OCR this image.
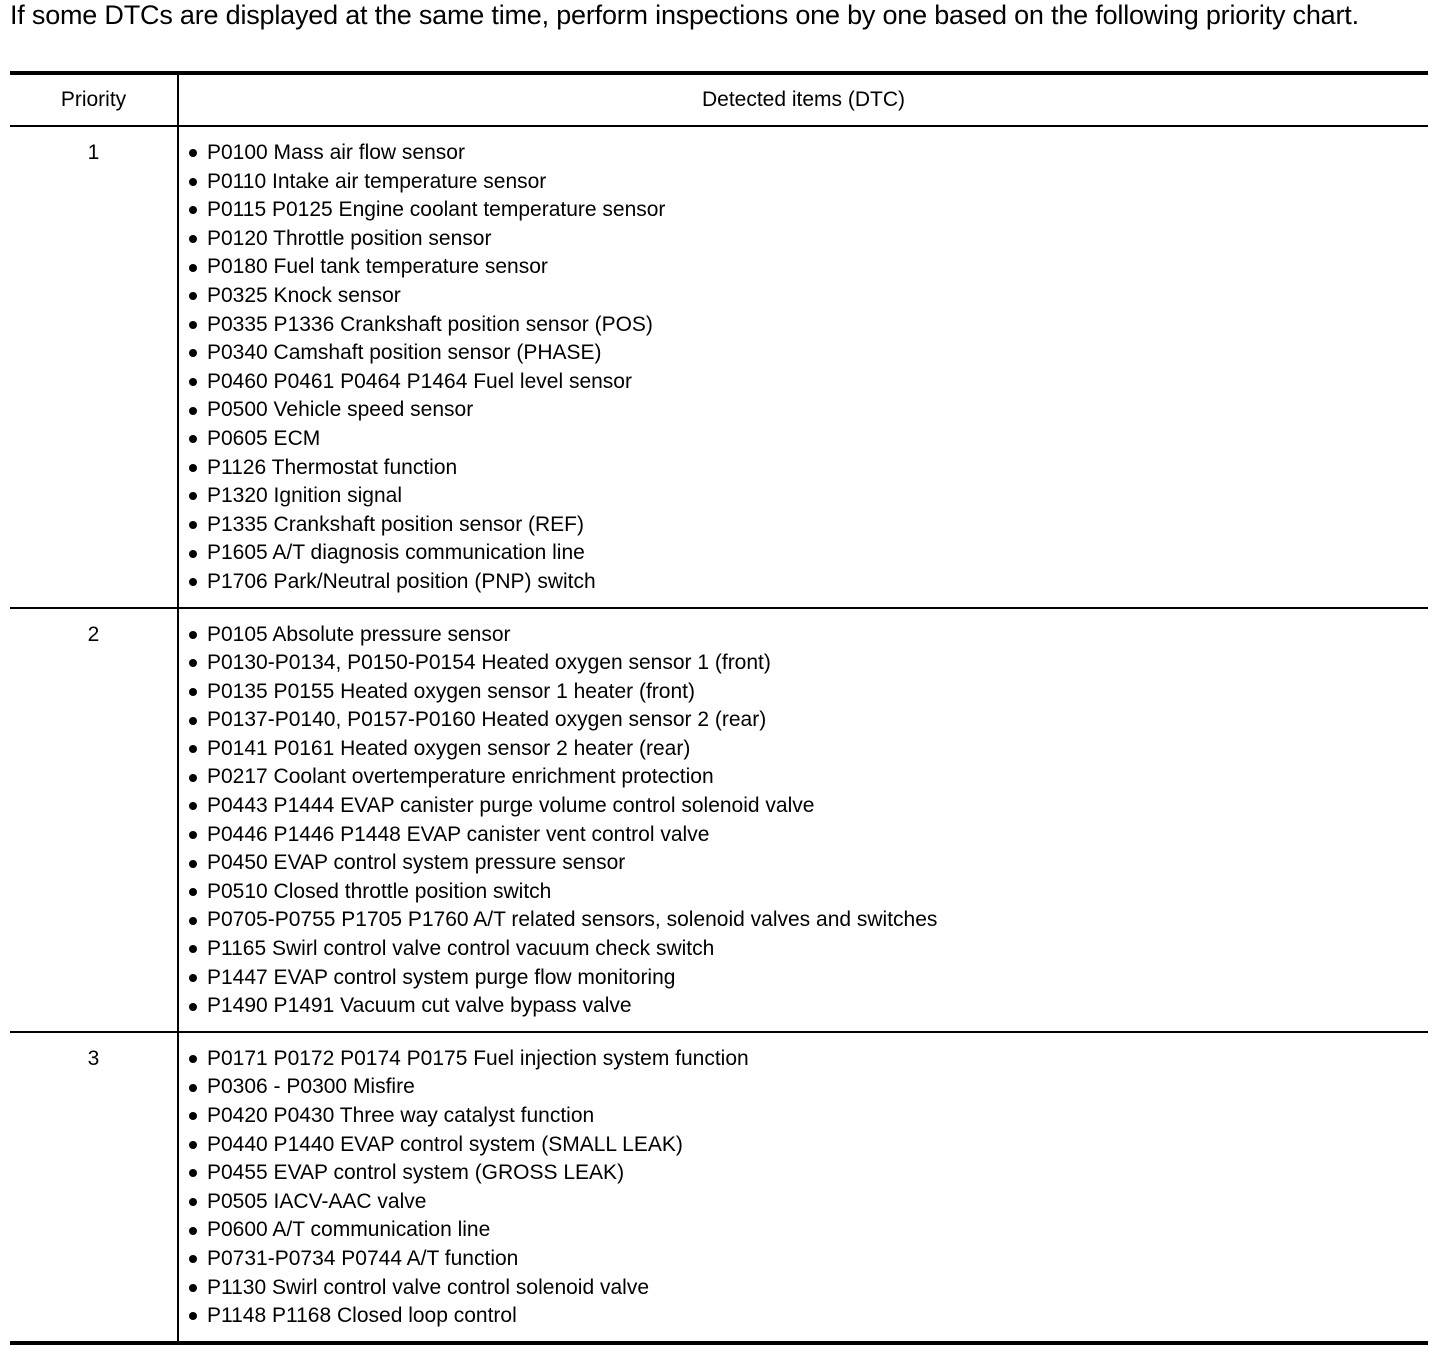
If some DTCs are displayed at the same time, perform inspections one by one based on the following priority chart.

Priority	Detected items (DTC)
1	P0100 Mass air flow sensor
P0110 Intake air temperature sensor
P0115 P0125 Engine coolant temperature sensor
P0120 Throttle position sensor
P0180 Fuel tank temperature sensor
P0325 Knock sensor
P0335 P1336 Crankshaft position sensor (POS)
P0340 Camshaft position sensor (PHASE)
P0460 P0461 P0464 P1464 Fuel level sensor
P0500 Vehicle speed sensor
P0605 ECM
P1126 Thermostat function
P1320 Ignition signal
P1335 Crankshaft position sensor (REF)
P1605 A/T diagnosis communication line
P1706 Park/Neutral position (PNP) switch
2	P0105 Absolute pressure sensor
P0130-P0134, P0150-P0154 Heated oxygen sensor 1 (front)
P0135 P0155 Heated oxygen sensor 1 heater (front)
P0137-P0140, P0157-P0160 Heated oxygen sensor 2 (rear)
P0141 P0161 Heated oxygen sensor 2 heater (rear)
P0217 Coolant overtemperature enrichment protection
P0443 P1444 EVAP canister purge volume control solenoid valve
P0446 P1446 P1448 EVAP canister vent control valve
P0450 EVAP control system pressure sensor
P0510 Closed throttle position switch
P0705-P0755 P1705 P1760 A/T related sensors, solenoid valves and switches
P1165 Swirl control valve control vacuum check switch
P1447 EVAP control system purge flow monitoring
P1490 P1491 Vacuum cut valve bypass valve
3	P0171 P0172 P0174 P0175 Fuel injection system function
P0306 - P0300 Misfire
P0420 P0430 Three way catalyst function
P0440 P1440 EVAP control system (SMALL LEAK)
P0455 EVAP control system (GROSS LEAK)
P0505 IACV-AAC valve
P0600 A/T communication line
P0731-P0734 P0744 A/T function
P1130 Swirl control valve control solenoid valve
P1148 P1168 Closed loop control
